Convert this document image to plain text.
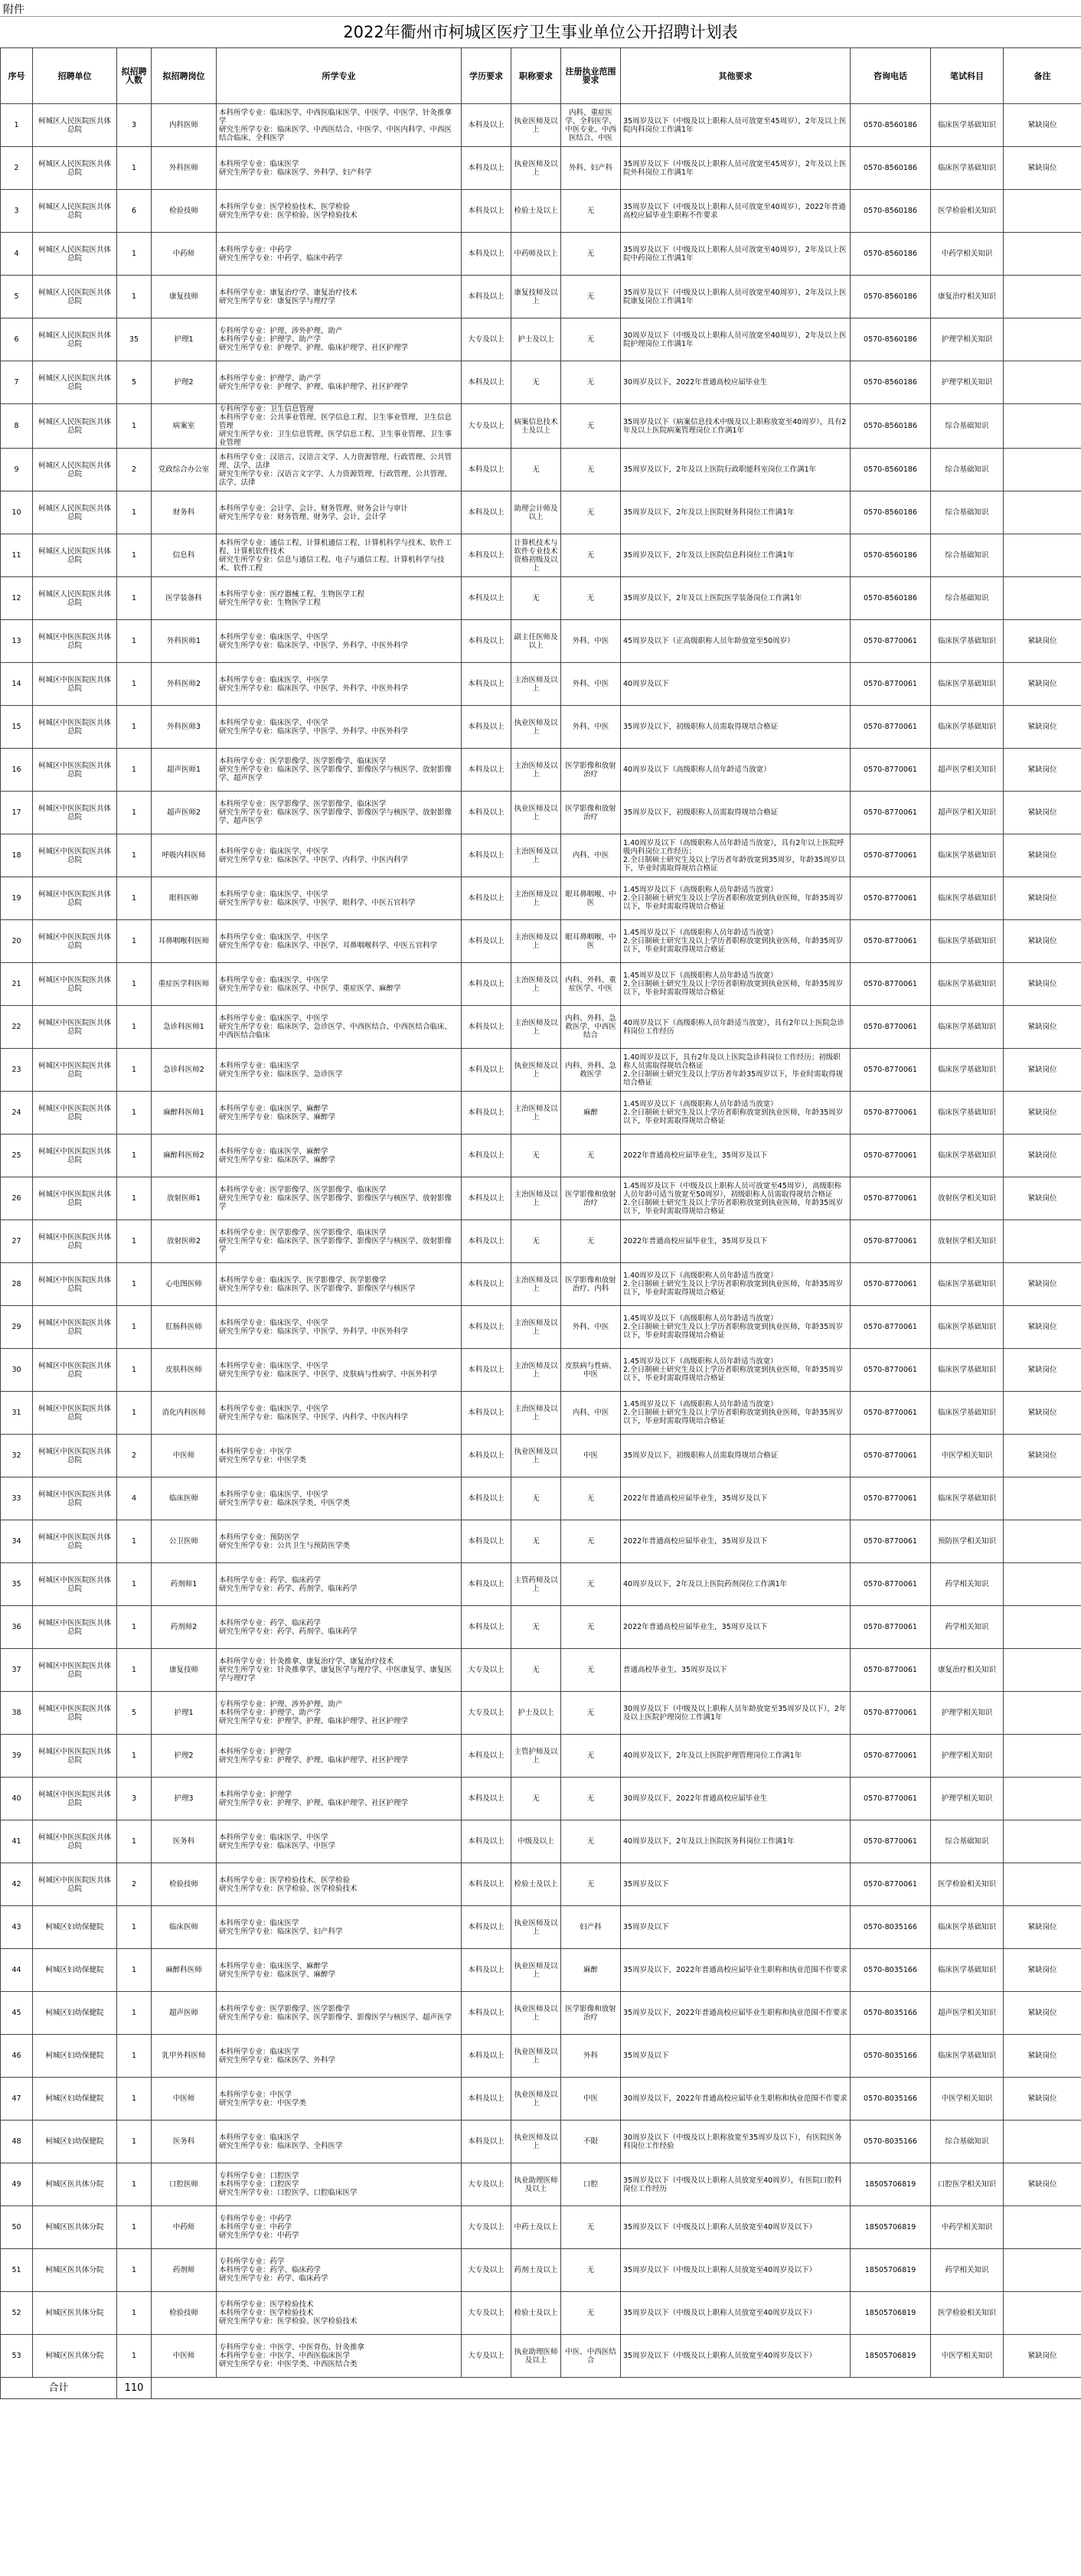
附件
2022年衢州市柯城区医疗卫生事业单位公开招聘计划表
序号	招聘单位	拟招聘人数	拟招聘岗位	所学专业	学历要求	职称要求	注册执业范围要求	其他要求	咨询电话	笔试科目	备注
1	柯城区人民医院医共体总院	3	内科医师	本科所学专业：临床医学、中西医临床医学、中医学、中医学、针灸推拿学
研究生所学专业：临床医学、中西医结合、中医学、中医内科学、中西医结合临床、全科医学	本科及以上	执业医师及以上	内科、重症医学、全科医学、中医专业、中西医结合、中医	35周岁及以下（中级及以上职称人员可放宽至45周岁），2年及以上医院内科岗位工作满1年	0570-8560186	临床医学基础知识	紧缺岗位
2	柯城区人民医院医共体总院	1	外科医师	本科所学专业：临床医学
研究生所学专业：临床医学、外科学、妇产科学	本科及以上	执业医师及以上	外科、妇产科	35周岁及以下（中级及以上职称人员可放宽至45周岁），2年及以上医院外科岗位工作满1年	0570-8560186	临床医学基础知识	紧缺岗位
3	柯城区人民医院医共体总院	6	检验技师	本科所学专业：医学检验技术、医学检验
研究生所学专业：医学检验、医学检验技术	本科及以上	检验士及以上	无	35周岁及以下（中级及以上职称人员可放宽至40周岁），2022年普通高校应届毕业生职称不作要求	0570-8560186	医学检验相关知识	
4	柯城区人民医院医共体总院	1	中药师	本科所学专业：中药学
研究生所学专业：中药学、临床中药学	本科及以上	中药师及以上	无	35周岁及以下（中级及以上职称人员可放宽至40周岁），2年及以上医院中药岗位工作满1年	0570-8560186	中药学相关知识	
5	柯城区人民医院医共体总院	1	康复技师	本科所学专业：康复治疗学、康复治疗技术
研究生所学专业：康复医学与理疗学	本科及以上	康复技师及以上	无	35周岁及以下（中级及以上职称人员可放宽至40周岁），2年及以上医院康复岗位工作满1年	0570-8560186	康复治疗相关知识	
6	柯城区人民医院医共体总院	35	护理1	专科所学专业：护理、涉外护理、助产
本科所学专业：护理学、助产学
研究生所学专业：护理学、护理、临床护理学、社区护理学	大专及以上	护士及以上	无	30周岁及以下（中级及以上职称人员可放宽至40周岁），2年及以上医院护理岗位工作满1年	0570-8560186	护理学相关知识	
7	柯城区人民医院医共体总院	5	护理2	本科所学专业：护理学、助产学
研究生所学专业：护理学、护理、临床护理学、社区护理学	本科及以上	无	无	30周岁及以下，2022年普通高校应届毕业生	0570-8560186	护理学相关知识	
8	柯城区人民医院医共体总院	1	病案室	专科所学专业：卫生信息管理
本科所学专业：公共事业管理、医学信息工程、卫生事业管理、卫生信息管理
研究生所学专业：卫生信息管理、医学信息工程、卫生事业管理、卫生事业管理	大专及以上	病案信息技术士及以上	无	35周岁及以下（病案信息技术中级及以上职称放宽至40周岁），具有2年及以上医院病案管理岗位工作满1年	0570-8560186	综合基础知识	
9	柯城区人民医院医共体总院	2	党政综合办公室	本科所学专业：汉语言、汉语言文学、人力资源管理、行政管理、公共管理、法学、法律
研究生所学专业：汉语言文字学、人力资源管理、行政管理、公共管理、法学、法律	本科及以上	无	无	35周岁及以下，2年及以上医院行政职能科室岗位工作满1年	0570-8560186	综合基础知识	
10	柯城区人民医院医共体总院	1	财务科	本科所学专业：会计学、会计、财务管理、财务会计与审计
研究生所学专业：财务管理、财务学、会计、会计学	本科及以上	助理会计师及以上	无	35周岁及以下，2年及以上医院财务科岗位工作满1年	0570-8560186	综合基础知识	
11	柯城区人民医院医共体总院	1	信息科	本科所学专业：通信工程、计算机通信工程、计算机科学与技术、软件工程、计算机软件技术
研究生所学专业：信息与通信工程、电子与通信工程、计算机科学与技术、软件工程	本科及以上	计算机技术与软件专业技术资格初级及以上	无	35周岁及以下，2年及以上医院信息科岗位工作满1年	0570-8560186	综合基础知识	
12	柯城区人民医院医共体总院	1	医学装备科	本科所学专业：医疗器械工程、生物医学工程
研究生所学专业：生物医学工程	本科及以上	无	无	35周岁及以下，2年及以上医院医学装备岗位工作满1年	0570-8560186	综合基础知识	
13	柯城区中医医院医共体总院	1	外科医师1	本科所学专业：临床医学、中医学
研究生所学专业：临床医学、中医学、外科学、中医外科学	本科及以上	副主任医师及以上	外科、中医	45周岁及以下（正高级职称人员年龄放宽至50周岁）	0570-8770061	临床医学基础知识	紧缺岗位
14	柯城区中医医院医共体总院	1	外科医师2	本科所学专业：临床医学、中医学
研究生所学专业：临床医学、中医学、外科学、中医外科学	本科及以上	主治医师及以上	外科、中医	40周岁及以下	0570-8770061	临床医学基础知识	紧缺岗位
15	柯城区中医医院医共体总院	1	外科医师3	本科所学专业：临床医学、中医学
研究生所学专业：临床医学、中医学、外科学、中医外科学	本科及以上	执业医师及以上	外科、中医	35周岁及以下，初级职称人员需取得规培合格证	0570-8770061	临床医学基础知识	紧缺岗位
16	柯城区中医医院医共体总院	1	超声医师1	本科所学专业：医学影像学、医学影像学、临床医学
研究生所学专业：临床医学、医学影像学、影像医学与核医学、放射影像学、超声医学	本科及以上	主治医师及以上	医学影像和放射治疗	40周岁及以下（高级职称人员年龄适当放宽）	0570-8770061	超声医学相关知识	紧缺岗位
17	柯城区中医医院医共体总院	1	超声医师2	本科所学专业：医学影像学、医学影像学、临床医学
研究生所学专业：临床医学、医学影像学、影像医学与核医学、放射影像学、超声医学	本科及以上	执业医师及以上	医学影像和放射治疗	35周岁及以下，初级职称人员需取得规培合格证	0570-8770061	超声医学相关知识	紧缺岗位
18	柯城区中医医院医共体总院	1	呼吸内科医师	本科所学专业：临床医学、中医学
研究生所学专业：临床医学、中医学、内科学、中医内科学	本科及以上	主治医师及以上	内科、中医	1.40周岁及以下（高级职称人员年龄适当放宽），具有2年以上医院呼吸内科岗位工作经历；
2.全日制硕士研究生及以上学历者年龄放宽到35周岁，年龄35周岁以下，毕业时需取得规培合格证	0570-8770061	临床医学基础知识	紧缺岗位
19	柯城区中医医院医共体总院	1	眼科医师	本科所学专业：临床医学、中医学
研究生所学专业：临床医学、中医学、眼科学、中医五官科学	本科及以上	主治医师及以上	眼耳鼻咽喉、中医	1.45周岁及以下（高级职称人员年龄适当放宽）
2.全日制硕士研究生及以上学历者职称放宽到执业医师，年龄35周岁以下，毕业时需取得规培合格证	0570-8770061	临床医学基础知识	紧缺岗位
20	柯城区中医医院医共体总院	1	耳鼻咽喉科医师	本科所学专业：临床医学、中医学
研究生所学专业：临床医学、中医学、耳鼻咽喉科学、中医五官科学	本科及以上	主治医师及以上	眼耳鼻咽喉、中医	1.45周岁及以下（高级职称人员年龄适当放宽）
2.全日制硕士研究生及以上学历者职称放宽到执业医师，年龄35周岁以下，毕业时需取得规培合格证	0570-8770061	临床医学基础知识	紧缺岗位
21	柯城区中医医院医共体总院	1	重症医学科医师	本科所学专业：临床医学、中医学
研究生所学专业：临床医学、中医学、重症医学、麻醉学	本科及以上	主治医师及以上	内科、外科、重症医学、中医	1.45周岁及以下（高级职称人员年龄适当放宽）
2.全日制硕士研究生及以上学历者职称放宽到执业医师，年龄35周岁以下，毕业时需取得规培合格证	0570-8770061	临床医学基础知识	紧缺岗位
22	柯城区中医医院医共体总院	1	急诊科医师1	本科所学专业：临床医学、中医学
研究生所学专业：临床医学、急诊医学、中西医结合、中西医结合临床、中西医结合临床	本科及以上	主治医师及以上	内科、外科、急救医学、中西医结合	40周岁及以下（高级职称人员年龄适当放宽），具有2年以上医院急诊科岗位工作经历	0570-8770061	临床医学基础知识	紧缺岗位
23	柯城区中医医院医共体总院	1	急诊科医师2	本科所学专业：临床医学
研究生所学专业：临床医学、急诊医学	本科及以上	执业医师及以上	内科、外科、急救医学	1.40周岁及以下，具有2年及以上医院急诊科岗位工作经历；初级职称人员需取得规培合格证
2.全日制硕士研究生及以上学历者年龄35周岁以下，毕业时需取得规培合格证	0570-8770061	临床医学基础知识	紧缺岗位
24	柯城区中医医院医共体总院	1	麻醉科医师1	本科所学专业：临床医学、麻醉学
研究生所学专业：临床医学、麻醉学	本科及以上	主治医师及以上	麻醉	1.45周岁及以下（高级职称人员年龄适当放宽）
2.全日制硕士研究生及以上学历者职称放宽到执业医师，年龄35周岁以下，毕业时需取得规培合格证	0570-8770061	临床医学基础知识	紧缺岗位
25	柯城区中医医院医共体总院	1	麻醉科医师2	本科所学专业：临床医学、麻醉学
研究生所学专业：临床医学、麻醉学	本科及以上	无	无	2022年普通高校应届毕业生，35周岁及以下	0570-8770061	临床医学基础知识	紧缺岗位
26	柯城区中医医院医共体总院	1	放射医师1	本科所学专业：医学影像学、医学影像学、临床医学
研究生所学专业：临床医学、医学影像学、影像医学与核医学、放射影像学	本科及以上	主治医师及以上	医学影像和放射治疗	1.45周岁及以下（中级及以上职称人员可放宽至45周岁），高级职称人员年龄可适当放宽至50周岁），初级职称人员需取得规培合格证
2.全日制硕士研究生及以上学历者职称放宽到执业医师，年龄35周岁以下，毕业时需取得规培合格证	0570-8770061	放射医学相关知识	紧缺岗位
27	柯城区中医医院医共体总院	1	放射医师2	本科所学专业：医学影像学、医学影像学、临床医学
研究生所学专业：临床医学、医学影像学、影像医学与核医学、放射影像学	本科及以上	无	无	2022年普通高校应届毕业生，35周岁及以下	0570-8770061	放射医学相关知识	
28	柯城区中医医院医共体总院	1	心电图医师	本科所学专业：临床医学、医学影像学、医学影像学
研究生所学专业：临床医学、医学影像学、影像医学与核医学	本科及以上	主治医师及以上	医学影像和放射治疗、内科	1.40周岁及以下（高级职称人员年龄适当放宽）
2.全日制硕士研究生及以上学历者职称放宽到执业医师，年龄35周岁以下，毕业时需取得规培合格证	0570-8770061	临床医学基础知识	紧缺岗位
29	柯城区中医医院医共体总院	1	肛肠科医师	本科所学专业：临床医学、中医学
研究生所学专业：临床医学、中医学、外科学、中医外科学	本科及以上	主治医师及以上	外科、中医	1.45周岁及以下（高级职称人员年龄适当放宽）
2.全日制硕士研究生及以上学历者职称放宽到执业医师，年龄35周岁以下，毕业时需取得规培合格证	0570-8770061	临床医学基础知识	紧缺岗位
30	柯城区中医医院医共体总院	1	皮肤科医师	本科所学专业：临床医学、中医学
研究生所学专业：临床医学、中医学、皮肤病与性病学、中医外科学	本科及以上	主治医师及以上	皮肤病与性病、中医	1.45周岁及以下（高级职称人员年龄适当放宽）
2.全日制硕士研究生及以上学历者职称放宽到执业医师，年龄35周岁以下，毕业时需取得规培合格证	0570-8770061	临床医学基础知识	紧缺岗位
31	柯城区中医医院医共体总院	1	消化内科医师	本科所学专业：临床医学、中医学
研究生所学专业：临床医学、中医学、内科学、中医内科学	本科及以上	主治医师及以上	内科、中医	1.45周岁及以下（高级职称人员年龄适当放宽）
2.全日制硕士研究生及以上学历者职称放宽到执业医师，年龄35周岁以下，毕业时需取得规培合格证	0570-8770061	临床医学基础知识	紧缺岗位
32	柯城区中医医院医共体总院	2	中医师	本科所学专业：中医学
研究生所学专业：中医学类	本科及以上	执业医师及以上	中医	35周岁及以下，初级职称人员需取得规培合格证	0570-8770061	中医学相关知识	紧缺岗位
33	柯城区中医医院医共体总院	4	临床医师	本科所学专业：临床医学、中医学
研究生所学专业：临床医学类、中医学类	本科及以上	无	无	2022年普通高校应届毕业生，35周岁及以下	0570-8770061	临床医学基础知识	
34	柯城区中医医院医共体总院	1	公卫医师	本科所学专业：预防医学
研究生所学专业：公共卫生与预防医学类	本科及以上	无	无	2022年普通高校应届毕业生，35周岁及以下	0570-8770061	预防医学相关知识	
35	柯城区中医医院医共体总院	1	药剂师1	本科所学专业：药学、临床药学
研究生所学专业：药学、药剂学、临床药学	本科及以上	主管药师及以上	无	40周岁及以下，2年及以上医院药剂岗位工作满1年	0570-8770061	药学相关知识	
36	柯城区中医医院医共体总院	1	药剂师2	本科所学专业：药学、临床药学
研究生所学专业：药学、药剂学、临床药学	本科及以上	无	无	2022年普通高校应届毕业生，35周岁及以下	0570-8770061	药学相关知识	
37	柯城区中医医院医共体总院	1	康复技师	本科所学专业：针灸推拿、康复治疗学、康复治疗技术
研究生所学专业：针灸推拿学、康复医学与理疗学、中医康复学、康复医学与理疗学	大专及以上	无	无	普通高校毕业生，35周岁及以下	0570-8770061	康复治疗相关知识	
38	柯城区中医医院医共体总院	5	护理1	专科所学专业：护理、涉外护理、助产
本科所学专业：护理学、助产学
研究生所学专业：护理学、护理、临床护理学、社区护理学	大专及以上	护士及以上	无	30周岁及以下（中级及以上职称人员年龄放宽至35周岁及以下），2年及以上医院护理岗位工作满1年	0570-8770061	护理学相关知识	
39	柯城区中医医院医共体总院	1	护理2	本科所学专业：护理学
研究生所学专业：护理学、护理、临床护理学、社区护理学	本科及以上	主管护师及以上	无	40周岁及以下，2年及以上医院护理管理岗位工作满1年	0570-8770061	护理学相关知识	
40	柯城区中医医院医共体总院	3	护理3	本科所学专业：护理学
研究生所学专业：护理学、护理、临床护理学、社区护理学	本科及以上	无	无	30周岁及以下，2022年普通高校应届毕业生	0570-8770061	护理学相关知识	
41	柯城区中医医院医共体总院	1	医务科	本科所学专业：临床医学、中医学
研究生所学专业：临床医学、中医学	本科及以上	中级及以上	无	40周岁及以下，2年及以上医院医务科岗位工作满1年	0570-8770061	综合基础知识	
42	柯城区中医医院医共体总院	2	检验技师	本科所学专业：医学检验技术、医学检验
研究生所学专业：医学检验、医学检验技术	本科及以上	检验士及以上	无	35周岁及以下	0570-8770061	医学检验相关知识	
43	柯城区妇幼保健院	1	临床医师	本科所学专业：临床医学
研究生所学专业：临床医学、妇产科学	本科及以上	执业医师及以上	妇产科	35周岁及以下	0570-8035166	临床医学基础知识	紧缺岗位
44	柯城区妇幼保健院	1	麻醉科医师	本科所学专业：临床医学、麻醉学
研究生所学专业：临床医学、麻醉学	本科及以上	执业医师及以上	麻醉	35周岁及以下，2022年普通高校应届毕业生职称和执业范围不作要求	0570-8035166	临床医学基础知识	紧缺岗位
45	柯城区妇幼保健院	1	超声医师	本科所学专业：医学影像学、医学影像学
研究生所学专业：临床医学、医学影像学、影像医学与核医学、超声医学	本科及以上	执业医师及以上	医学影像和放射治疗	35周岁及以下，2022年普通高校应届毕业生职称和执业范围不作要求	0570-8035166	超声医学相关知识	紧缺岗位
46	柯城区妇幼保健院	1	乳甲外科医师	本科所学专业：临床医学
研究生所学专业：临床医学、外科学	本科及以上	执业医师及以上	外科	35周岁及以下	0570-8035166	临床医学基础知识	紧缺岗位
47	柯城区妇幼保健院	1	中医师	本科所学专业：中医学
研究生所学专业：中医学类	本科及以上	执业医师及以上	中医	30周岁及以下，2022年普通高校应届毕业生职称和执业范围不作要求	0570-8035166	中医学相关知识	紧缺岗位
48	柯城区妇幼保健院	1	医务科	本科所学专业：临床医学
研究生所学专业：临床医学、全科医学	本科及以上	执业医师及以上	不限	30周岁及以下（中级及以上职称放宽至35周岁及以下），有医院医务科岗位工作经验	0570-8035166	综合基础知识	
49	柯城区医共体分院	1	口腔医师	专科所学专业：口腔医学
本科所学专业：口腔医学
研究生所学专业：口腔医学、口腔临床医学	大专及以上	执业助理医师及以上	口腔	35周岁及以下（中级及以上职称人员放宽至40周岁），有医院口腔科岗位工作经历	18505706819	口腔医学相关知识	紧缺岗位
50	柯城区医共体分院	1	中药师	专科所学专业：中药学
本科所学专业：中药学
研究生所学专业：中药学	大专及以上	中药士及以上	无	35周岁及以下（中级及以上职称人员放宽至40周岁及以下）	18505706819	中药学相关知识	
51	柯城区医共体分院	1	药剂师	专科所学专业：药学
本科所学专业：药学、临床药学
研究生所学专业：药学、临床药学	大专及以上	药剂士及以上	无	35周岁及以下（中级及以上职称人员放宽至40周岁及以下）	18505706819	药学相关知识	
52	柯城区医共体分院	1	检验技师	专科所学专业：医学检验技术
本科所学专业：医学检验技术
研究生所学专业：医学检验、医学检验技术	大专及以上	检验士及以上	无	35周岁及以下（中级及以上职称人员放宽至40周岁及以下）	18505706819	医学检验相关知识	
53	柯城区医共体分院	1	中医师	专科所学专业：中医学、中医骨伤、针灸推拿
本科所学专业：中医学、中西医临床医学
研究生所学专业：中医学类、中西医结合类	大专及以上	执业助理医师及以上	中医、中西医结合	35周岁及以下（中级及以上职称人员放宽至40周岁及以下）	18505706819	中医学相关知识	紧缺岗位
合计		110									
